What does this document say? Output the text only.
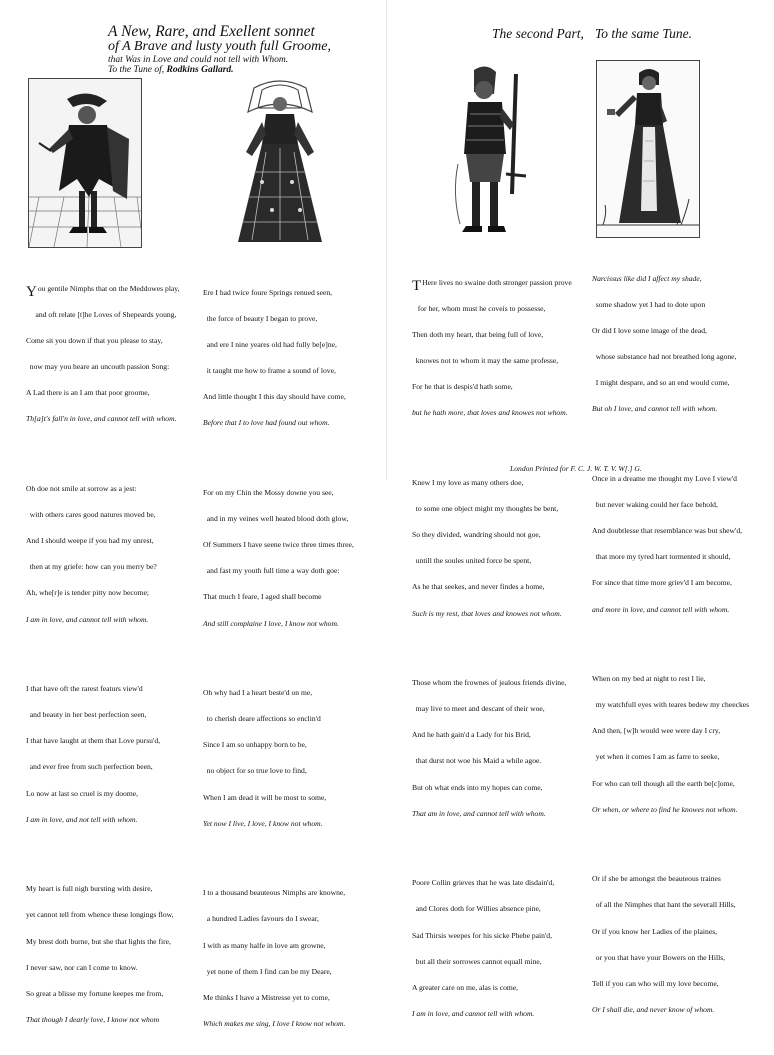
A New, Rare, and Exellent sonnet
of A Brave and lusty youth full Groome,
that Was in Love and could not tell with Whom.
To the Tune of, Rodkins Gallard.
The second Part, To the same Tune.

You gentile Nimphs that on the Meddowes play,

and oft relate [t]he Loves of Shepeards young,

Come sit you down if that you please to stay,

now may you heare an uncouth passion Song:

A Lad there is an I am that poor groome,

Th[a]t's fall'n in love, and cannot tell with whom.

Oh doe not smile at sorrow as a jest:

with others cares good natures moved be,

And I should weepe if you had my unrest,

then at my griefe: how can you merry be?

Ah, whe[r]e is tender pitty now become;

I am in love, and cannot tell with whom.

I that have oft the rarest featurs view'd

and beauty in her best perfection seen,

I that have laught at them that Love pursu'd,

and ever free from such perfection been,

Lo now at last so cruel is my doome,

I am in love, and not tell with whom.

My heart is full nigh bursting with desire,

yet cannot tell from whence these longings flow,

My brest doth burne, but she that lights the fire,

I never saw, nor can I come to know.

So great a blisse my fortune keepes me from,

That though I dearly love, I know not whom

Ere I had twice foure Springs renued seen,

the force of beauty I began to prove,

and ere I nine yeares old had fully be[e]ne,

it taught me how to frame a sound of love,

And little thought I this day should have come,

Before that I to love had found out whom.

For on my Chin the Mossy downe you see,

and in my veines well heated blood doth glow,

Of Summers I have seene twice three times three,

and fast my youth full time a way doth goe:

That much I feare, I aged shall become

And still complaine I love, I know not whom.

Oh why had I a heart beste'd on me,

to cherish deare affections so enclin'd

Since I am so unhappy born to be,

no object for so true love to find,

When I am dead it will be most to some,

Yet now I live, I love, I know not whom.

I to a thousand beauteous Nimphs are knowne,

a hundred Ladies favours do I swear,

I with as many halfe in love am growne,

yet none of them I find can be my Deare,

Me thinks I have a Mistresse yet to come,

Which makes me sing, I love I know not whom.

T Here lives no swaine doth stronger passion prove

for her, whom must he coveis to possesse,

Then doth my heart, that being full of love,

knowes not to whom it may the same professe,

For he that is despis'd hath some,

but he hath more, that loves and knowes not whom.

Knew I my love as many others doe,

to some one object might my thoughts be bent,

So they divided, wandring should not goe,

untill the soules united force be spent,

As he that seekes, and never findes a home,

Such is my rest, that loves and knowes not whom.

Those whom the frownes of jealous friends divine,

may live to meet and descant of their woe,

And he hath gain'd a Lady for his Brid,

that durst not woe his Maid a while agoe.

But oh what ends into my hopes can come,

That am in love, and cannot tell with whom.

Poore Collin grieves that he was late disdain'd,

and Clores doth for Willies absence pine,

Sad Thirsis weepes for his sicke Phebe pain'd,

but all their sorrowes cannot equall mine,

A greater care on me, alas is come,

I am in love, and cannot tell with whom.

Narcissus like did I affect my shade,

some shadow yet I had to dote upon

Or did I love some image of the dead,

whose substance had not breathed long agone,

I might despare, and so an end would come,

But oh I love, and cannot tell with whom.

Once in a dreame me thought my Love I view'd

but never waking could her face behold,

And doubtlesse that resemblance was but shew'd,

that more my tyred hart tormented it should,

For since that time more griev'd I am become,

and more in love, and cannot tell with whom.

When on my bed at night to rest I lie,

my watchfull eyes with teares bedew my cheeckes

And then, [w]h would wee were day I cry,

yet when it comes I am as farre to seeke,

For who can tell though all the earth be[c]ome,

Or when, or where to find he knowes not whom.

Or if she be amongst the beauteous traines

of all the Nimphes that hant the severall Hills,

Or if you know her Ladies of the plaines,

or you that have your Bowers on the Hills,

Tell if you can who will my love become,

Or I shall die, and never know of whom.

London Printed for F. C. J. W. T. V. W[.] G.
